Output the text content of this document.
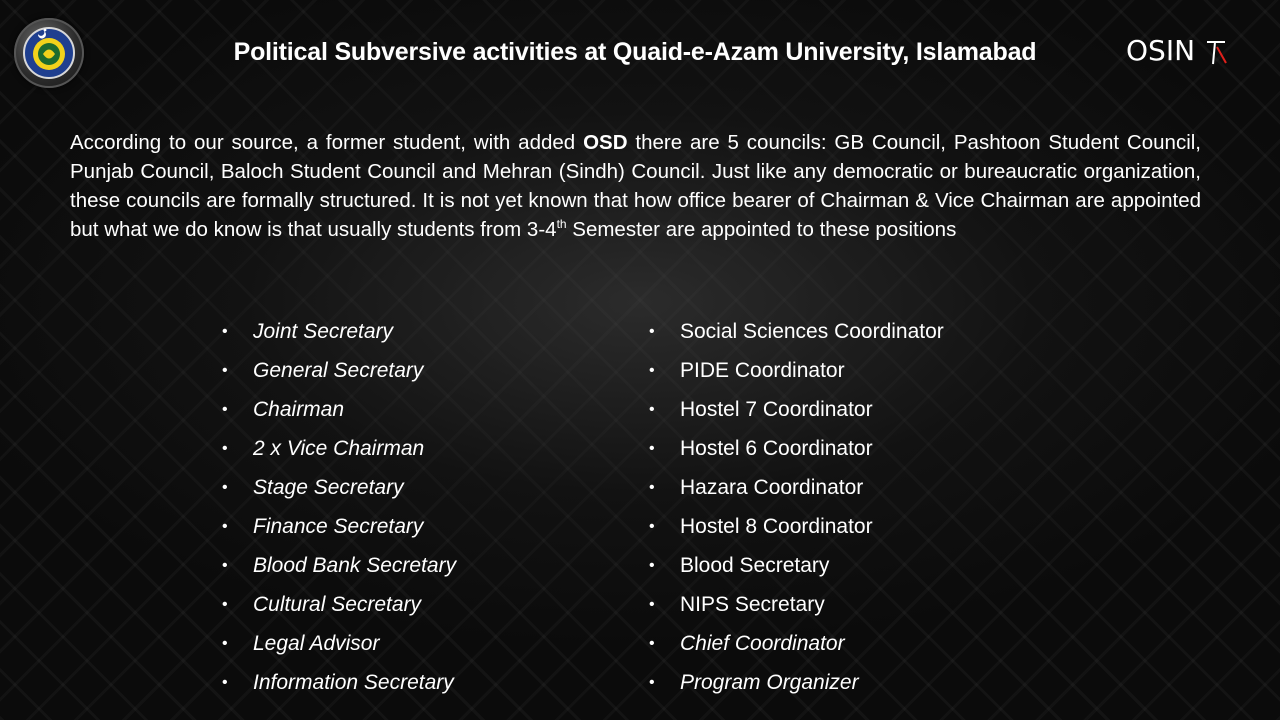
Political Subversive activities at Quaid-e-Azam University, Islamabad	OSIN
According to our source, a former student, with added OSD there are 5 councils: GB Council, Pashtoon Student Council, Punjab Council, Baloch Student Council and Mehran (Sindh) Council. Just like any democratic or bureaucratic organization, these councils are formally structured. It is not yet known that how office bearer of Chairman & Vice Chairman are appointed but what we do know is that usually students from 3-4th Semester are appointed to these positions
• Joint Secretary
• General Secretary
• Chairman
• 2 x Vice Chairman
• Stage Secretary
• Finance Secretary
• Blood Bank Secretary
• Cultural Secretary
• Legal Advisor
• Information Secretary
• Social Sciences Coordinator
• PIDE Coordinator
• Hostel 7 Coordinator
• Hostel 6 Coordinator
• Hazara Coordinator
• Hostel 8 Coordinator
• Blood Secretary
• NIPS Secretary
• Chief Coordinator
• Program Organizer
